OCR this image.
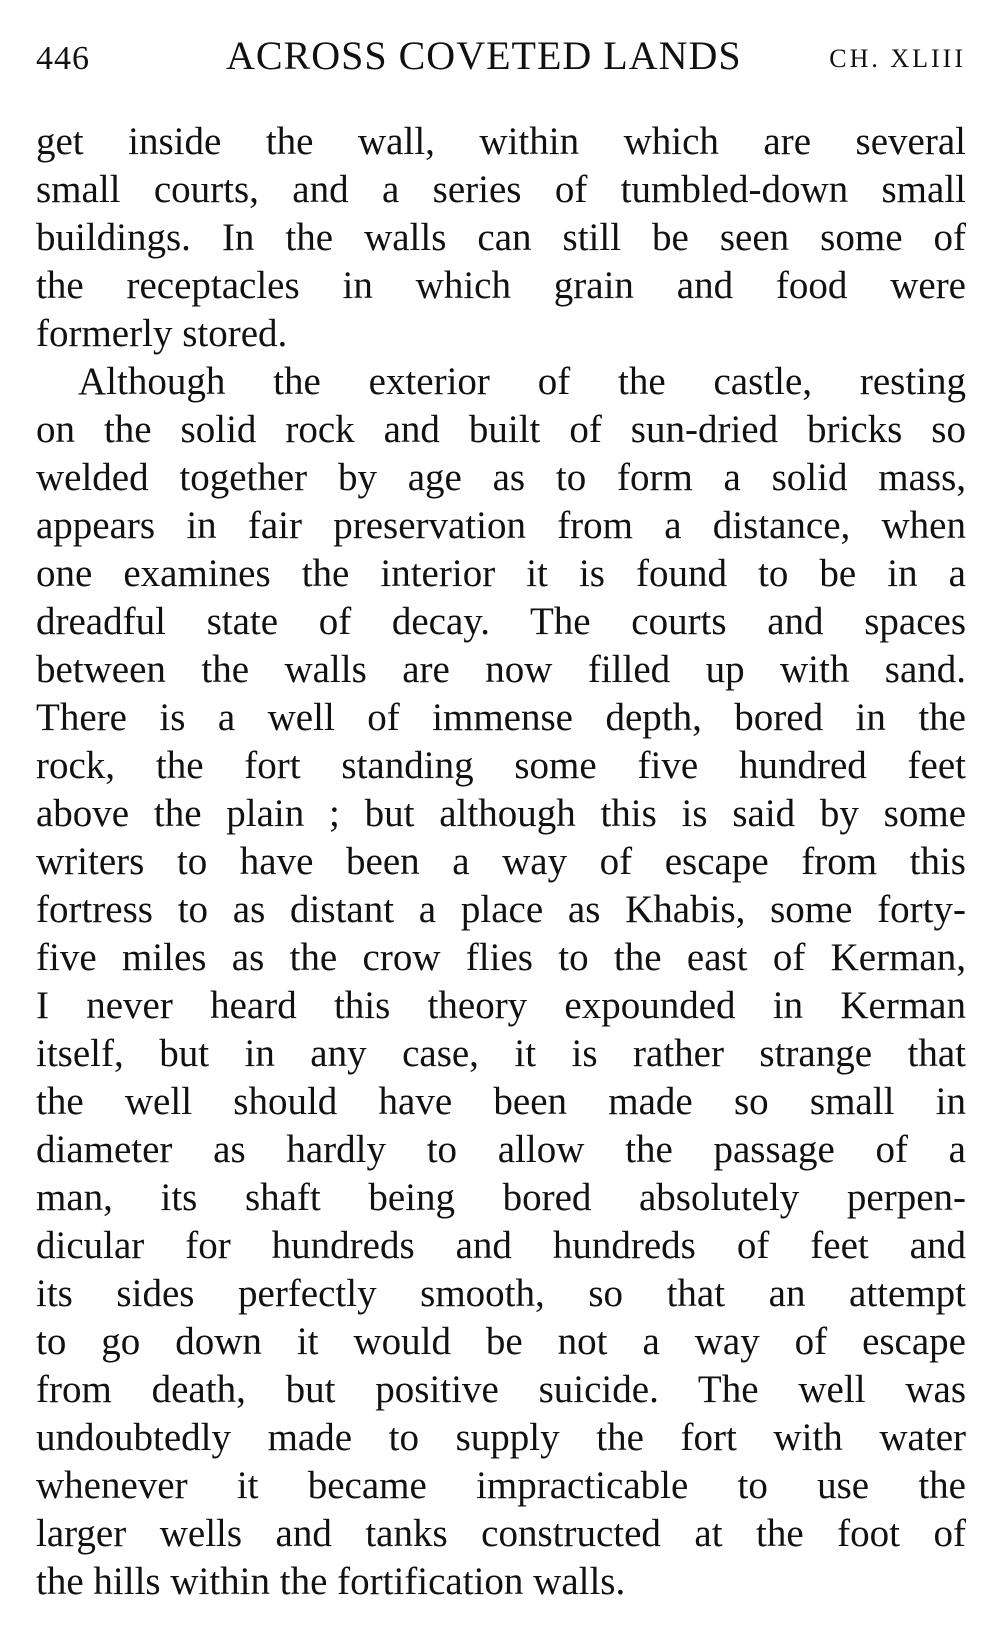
446	ACROSS COVETED LANDS	CH. XLIII
get inside the wall, within which are several
small courts, and a series of tumbled-down small
buildings. In the walls can still be seen some of
the receptacles in which grain and food were
formerly stored.
Although the exterior of the castle, resting
on the solid rock and built of sun-dried bricks so
welded together by age as to form a solid mass,
appears in fair preservation from a distance, when
one examines the interior it is found to be in a
dreadful state of decay. The courts and spaces
between the walls are now filled up with sand.
There is a well of immense depth, bored in the
rock, the fort standing some five hundred feet
above the plain ; but although this is said by some
writers to have been a way of escape from this
fortress to as distant a place as Khabis, some forty-
five miles as the crow flies to the east of Kerman,
I never heard this theory expounded in Kerman
itself, but in any case, it is rather strange that
the well should have been made so small in
diameter as hardly to allow the passage of a
man, its shaft being bored absolutely perpen-
dicular for hundreds and hundreds of feet and
its sides perfectly smooth, so that an attempt
to go down it would be not a way of escape
from death, but positive suicide. The well was
undoubtedly made to supply the fort with water
whenever it became impracticable to use the
larger wells and tanks constructed at the foot of
the hills within the fortification walls.
